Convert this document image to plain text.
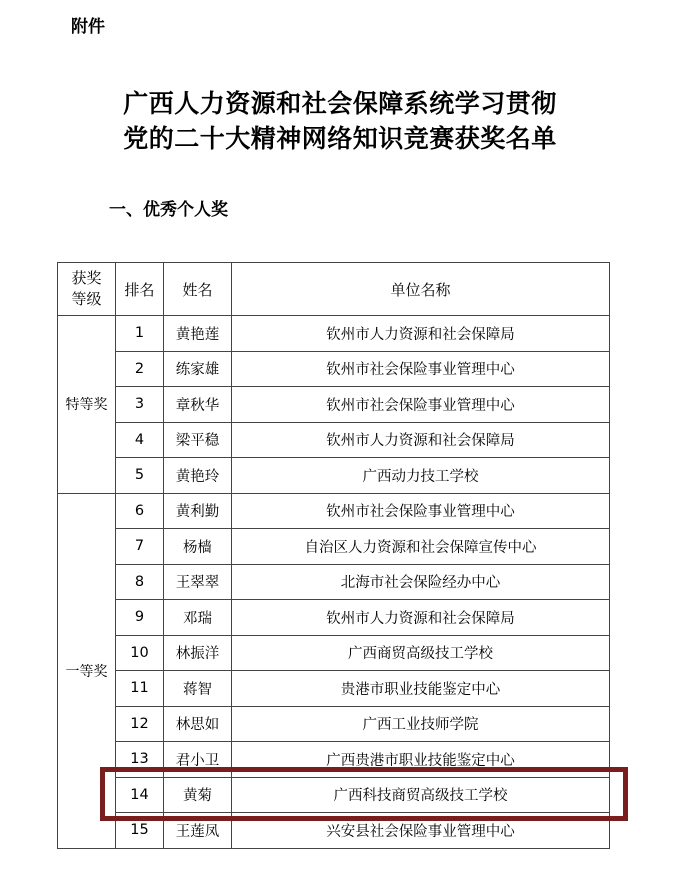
附件
广西人力资源和社会保障系统学习贯彻
党的二十大精神网络知识竞赛获奖名单
一、优秀个人奖
获奖
等级	排名	姓名	单位名称
特等奖	1	黄艳莲	钦州市人力资源和社会保障局
	2	练家雄	钦州市社会保险事业管理中心
	3	章秋华	钦州市社会保险事业管理中心
	4	梁平稳	钦州市人力资源和社会保障局
	5	黄艳玲	广西动力技工学校
一等奖	6	黄利勤	钦州市社会保险事业管理中心
	7	杨樯	自治区人力资源和社会保障宣传中心
	8	王翠翠	北海市社会保险经办中心
	9	邓瑞	钦州市人力资源和社会保障局
	10	林振洋	广西商贸高级技工学校
	11	蒋智	贵港市职业技能鉴定中心
	12	林思如	广西工业技师学院
	13	君小卫	广西贵港市职业技能鉴定中心
	14	黄菊	广西科技商贸高级技工学校
	15	王莲凤	兴安县社会保险事业管理中心
